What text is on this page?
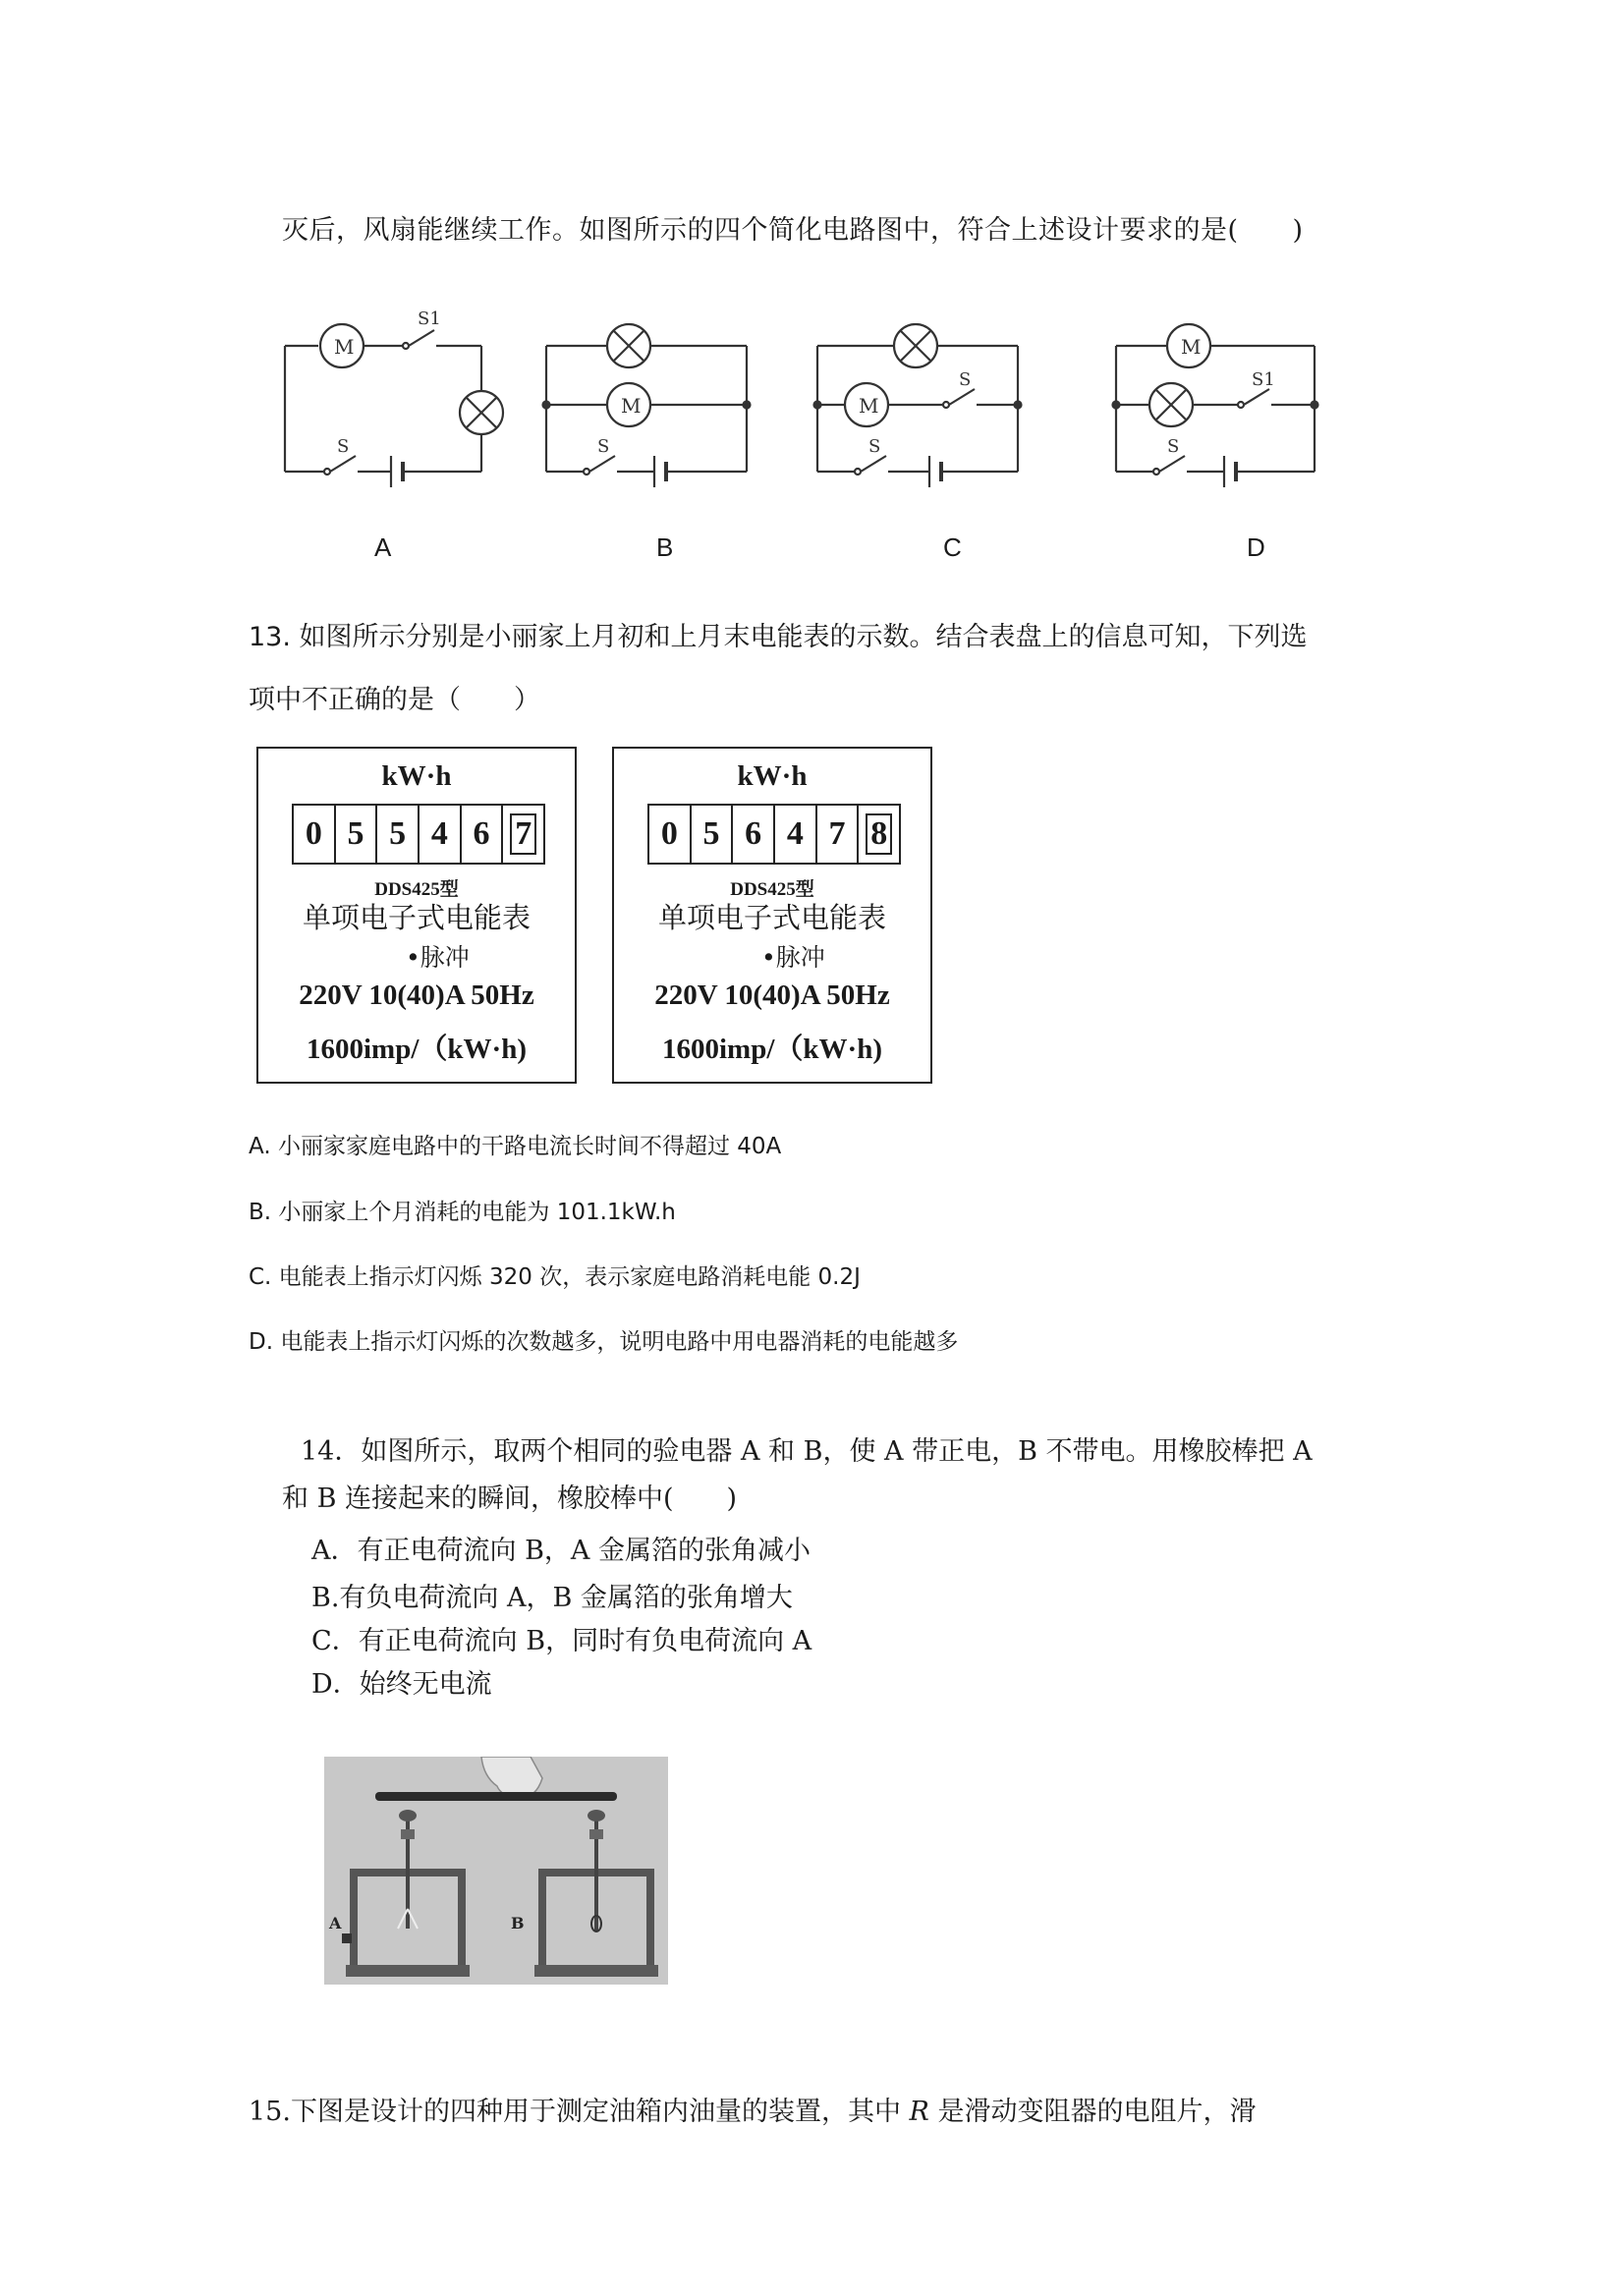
灭后，风扇能继续工作。如图所示的四个简化电路图中，符合上述设计要求的是(　　)
M
S1
S
M
S
M
S
S
M
S1
S
A	B	C	D
13. 如图所示分别是小丽家上月初和上月末电能表的示数。结合表盘上的信息可知，下列选
项中不正确的是（　　）
kW·h
0 5 5 4 6 7
DDS425型
单项电子式电能表
•脉冲
220V 10(40)A 50Hz
1600imp/（kW·h)
kW·h
0 5 6 4 7 8
DDS425型
单项电子式电能表
•脉冲
220V 10(40)A 50Hz
1600imp/（kW·h)
A. 小丽家家庭电路中的干路电流长时间不得超过 40A
B. 小丽家上个月消耗的电能为 101.1kW.h
C. 电能表上指示灯闪烁 320 次，表示家庭电路消耗电能 0.2J
D. 电能表上指示灯闪烁的次数越多，说明电路中用电器消耗的电能越多
14．如图所示，取两个相同的验电器 A 和 B，使 A 带正电，B 不带电。用橡胶棒把 A
和 B 连接起来的瞬间，橡胶棒中(　　)
A．有正电荷流向 B，A 金属箔的张角减小
B.有负电荷流向 A，B 金属箔的张角增大
C．有正电荷流向 B，同时有负电荷流向 A
D．始终无电流
A	B
15.下图是设计的四种用于测定油箱内油量的装置，其中 R 是滑动变阻器的电阻片，滑
